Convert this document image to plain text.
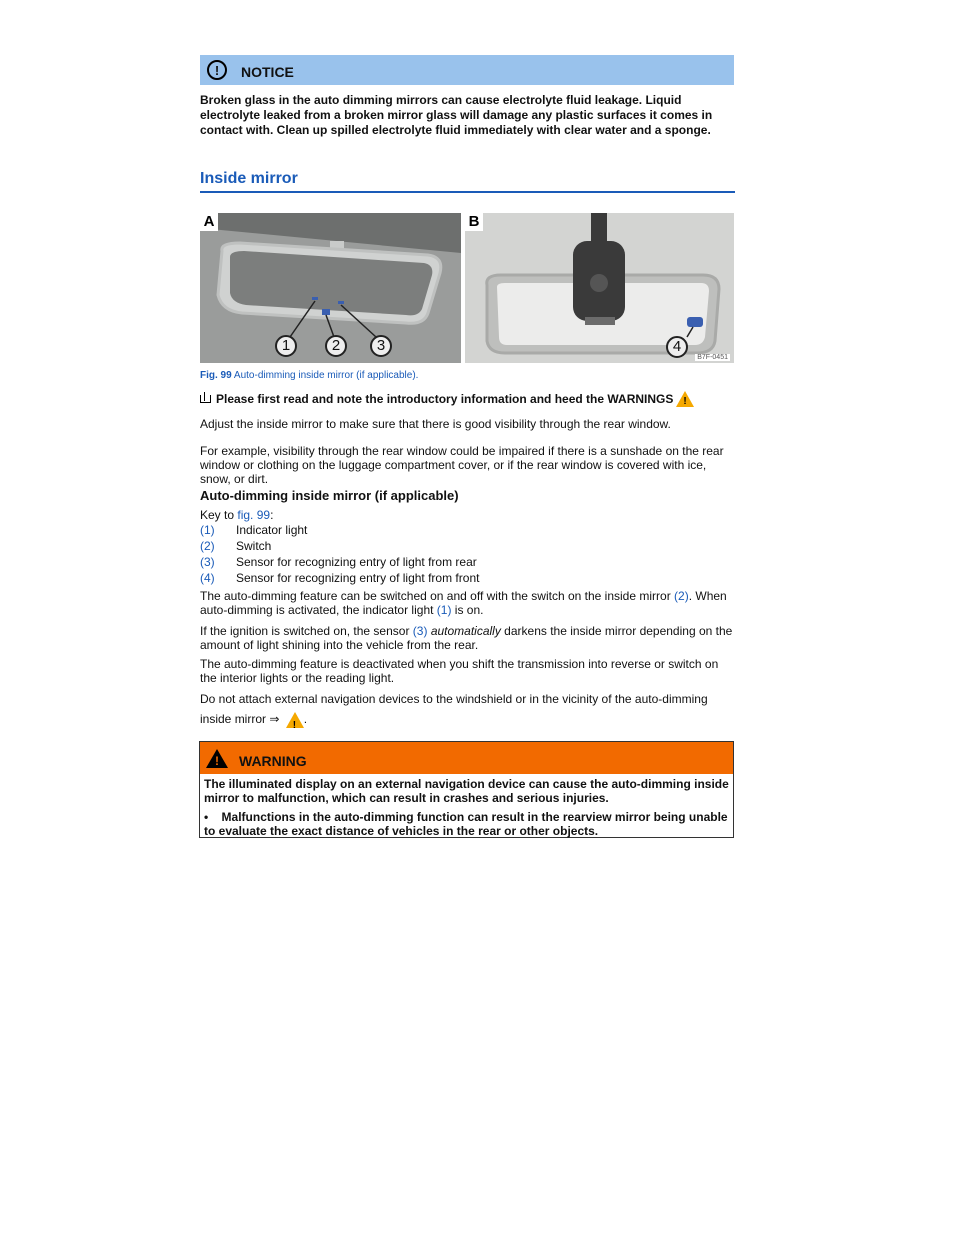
!	NOTICE

Broken glass in the auto dimming mirrors can cause electrolyte fluid leakage. Liquid electrolyte leaked from a broken mirror glass will damage any plastic surfaces it comes in contact with. Clean up spilled electrolyte fluid immediately with clear water and a sponge.

Inside mirror
A
1	2	3
B
4
B7F-0451
Fig. 99 Auto-dimming inside mirror (if applicable).
Please first read and note the introductory information and heed the WARNINGS !

Adjust the inside mirror to make sure that there is good visibility through the rear window.

For example, visibility through the rear window could be impaired if there is a sunshade on the rear window or clothing on the luggage compartment cover, or if the rear window is covered with ice, snow, or dirt.

Auto-dimming inside mirror (if applicable)
Key to fig. 99:
(1)	Indicator light
(2)	Switch
(3)	Sensor for recognizing entry of light from rear
(4)	Sensor for recognizing entry of light from front

The auto-dimming feature can be switched on and off with the switch on the inside mirror (2). When auto-dimming is activated, the indicator light (1) is on.

If the ignition is switched on, the sensor (3) automatically darkens the inside mirror depending on the amount of light shining into the vehicle from the rear.

The auto-dimming feature is deactivated when you shift the transmission into reverse or switch on the interior lights or the reading light.

Do not attach external navigation devices to the windshield or in the vicinity of the auto-dimming inside mirror ⇒ ! .

! WARNING

The illuminated display on an external navigation device can cause the auto-dimming inside mirror to malfunction, which can result in crashes and serious injuries.

•    Malfunctions in the auto-dimming function can result in the rearview mirror being unable to evaluate the exact distance of vehicles in the rear or other objects.
